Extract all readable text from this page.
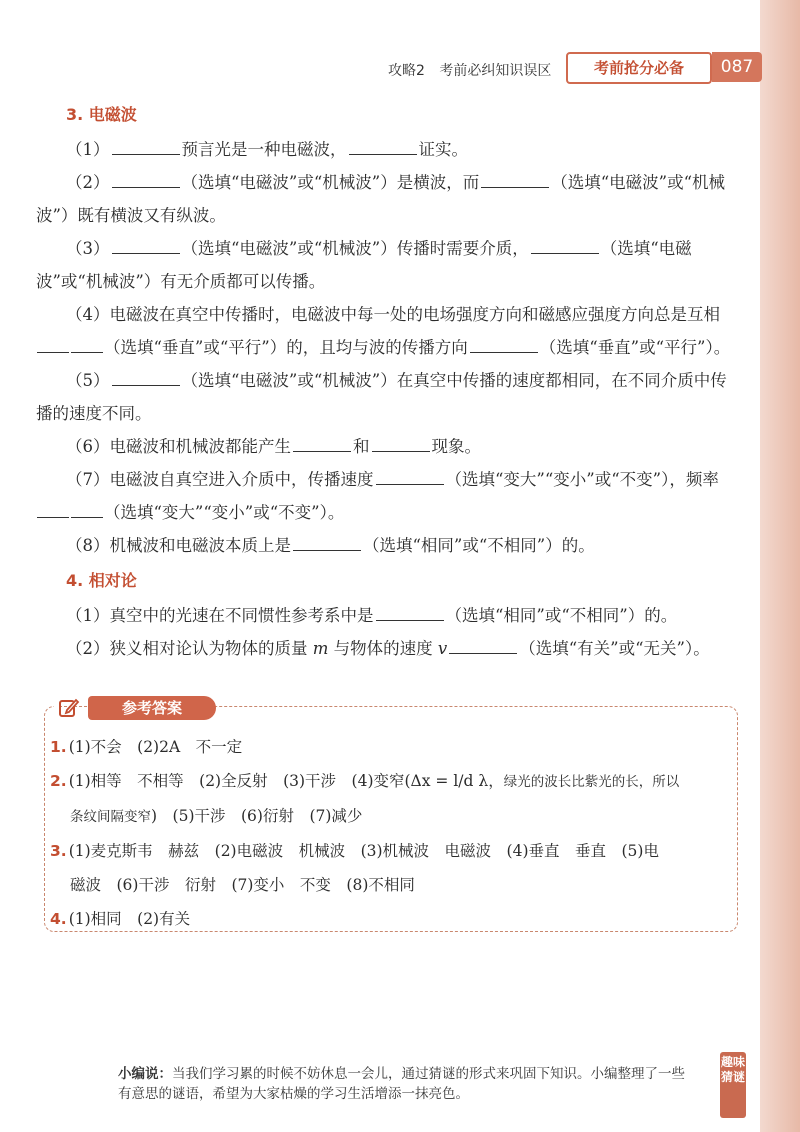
攻略2 考前必纠知识误区	考前抢分必备	087
3. 电磁波

（1）	预言光是一种电磁波，	证实。

（2）	（选填“电磁波”或“机械波”）是横波，而	（选填“电磁波”或“机械波”）既有横波又有纵波。

（3）	（选填“电磁波”或“机械波”）传播时需要介质，	（选填“电磁波”或“机械波”）有无介质都可以传播。

（4）电磁波在真空中传播时，电磁波中每一处的电场强度方向和磁感应强度方向总是互相（选填“垂直”或“平行”）的，且均与波的传播方向	（选填“垂直”或“平行”）。

（5）	（选填“电磁波”或“机械波”）在真空中传播的速度都相同，在不同介质中传播的速度不同。

（6）电磁波和机械波都能产生	和	现象。

（7）电磁波自真空进入介质中，传播速度	（选填“变大”“变小”或“不变”），频率（选填“变大”“变小”或“不变”）。

（8）机械波和电磁波本质上是	（选填“相同”或“不相同”）的。

4. 相对论

（1）真空中的光速在不同惯性参考系中是	（选填“相同”或“不相同”）的。

（2）狭义相对论认为物体的质量 m 与物体的速度 v	（选填“有关”或“无关”）。

参考答案

1. (1)不会　(2)2A　不一定

2. (1)相等　不相等　(2)全反射　(3)干涉　(4)变窄(Δx = l/d λ，绿光的波长比紫光的长，所以

条纹间隔变窄)　(5)干涉　(6)衍射　(7)减少

3. (1)麦克斯韦　赫兹　(2)电磁波　机械波　(3)机械波　电磁波　(4)垂直　垂直　(5)电

磁波　(6)干涉　衍射　(7)变小　不变　(8)不相同

4. (1)相同　(2)有关

小编说：当我们学习累的时候不妨休息一会儿，通过猜谜的形式来巩固下知识。小编整理了一些有意思的谜语，希望为大家枯燥的学习生活增添一抹亮色。
趣味猜谜
